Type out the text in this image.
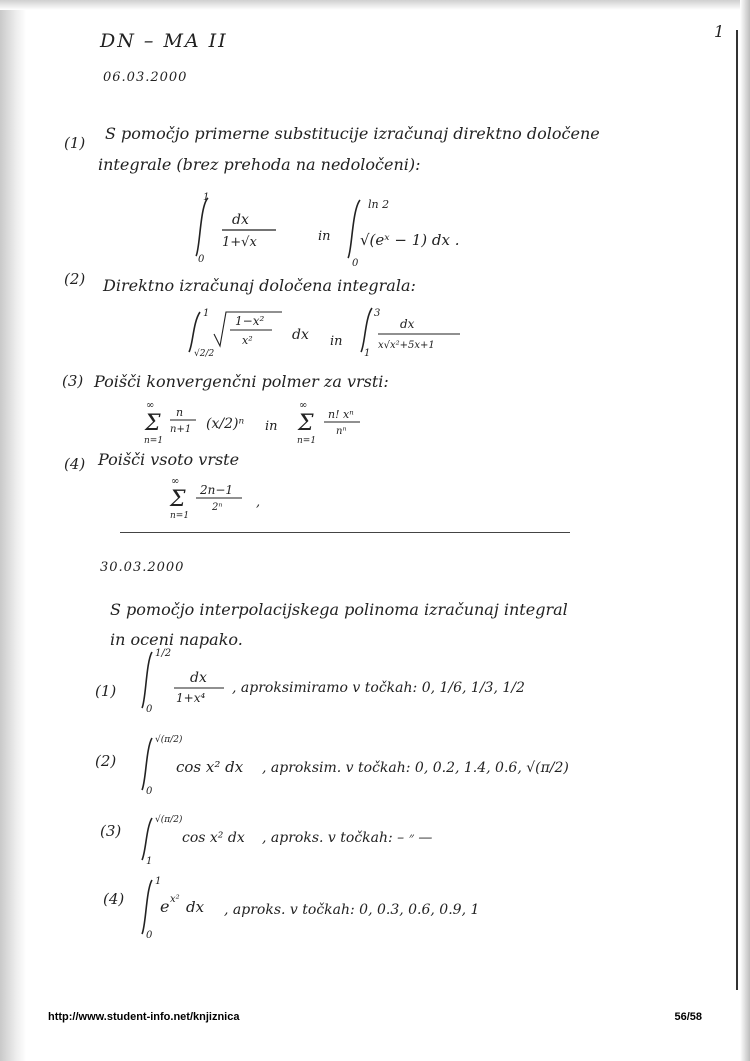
DN – MA II	1
06.03.2000
(1) S pomočjo primerne substitucije izračunaj direktno določene
integrale (brez prehoda na nedoločeni):
(2) Direktno izračunaj določena integrala:
(3) Poišči konvergenčni polmer za vrsti:
(4) Poišči vsoto vrste
30.03.2000
S pomočjo interpolacijskega polinoma izračunaj integral
in oceni napako.
(1)
(2)
(3)
(4)
1
0
dx
1+√x	in
ln 2
0
√(eˣ − 1) dx .
1
√2/2
1−x²
x²	dx in
3
1
dx
x√x²+5x+1
Σ
∞
n=1
n
n+1 (x/2)ⁿ in Σ
∞
n=1
n! xⁿ
nⁿ
Σ
∞
n=1
2n−1
2ⁿ	,
1/2
0
dx
1+x⁴
, aproksimiramo v točkah: 0, 1/6, 1/3, 1/2
√(π/2)
0
cos x² dx , aproksim. v točkah: 0, 0.2, 1.4, 0.6, √(π/2)
√(π/2)
1
cos x² dx , aproks. v točkah: – ״ —
1
0
e x² dx , aproks. v točkah: 0, 0.3, 0.6, 0.9, 1
http://www.student-info.net/knjiznica	56/58
